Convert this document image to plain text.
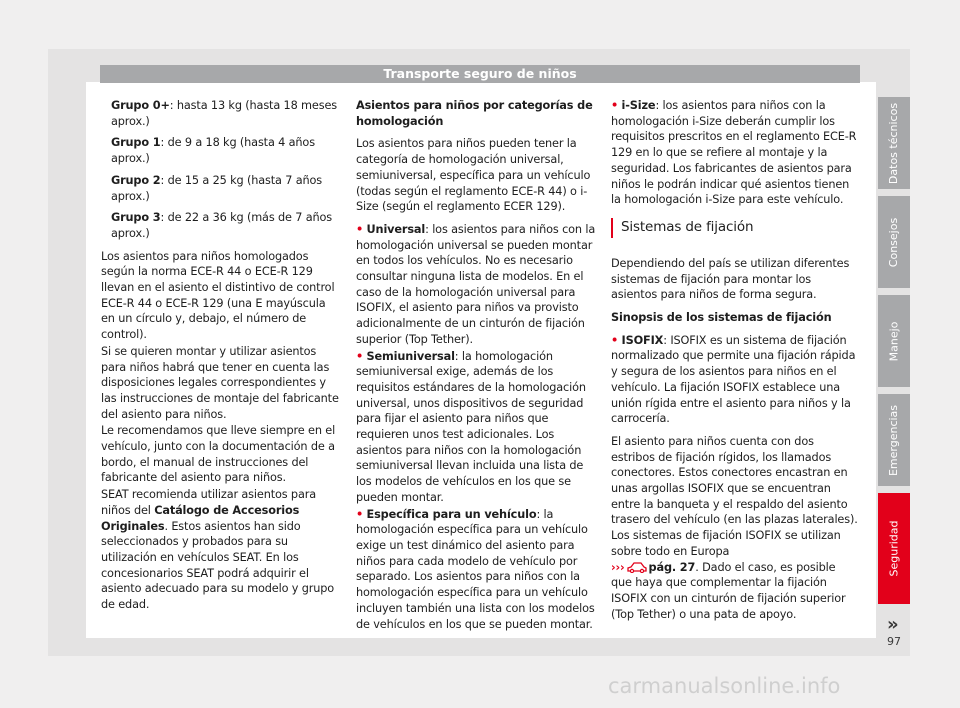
Transporte seguro de niños

Grupo 0+: hasta 13 kg (hasta 18 meses aprox.)

Grupo 1: de 9 a 18 kg (hasta 4 años aprox.)

Grupo 2: de 15 a 25 kg (hasta 7 años aprox.)

Grupo 3: de 22 a 36 kg (más de 7 años aprox.)

Los asientos para niños homologados según la norma ECE-R 44 o ECE-R 129 llevan en el asiento el distintivo de control ECE-R 44 o ECE-R 129 (una E mayúscula en un círculo y, debajo, el número de control).

Si se quieren montar y utilizar asientos para niños habrá que tener en cuenta las disposiciones legales correspondientes y las instrucciones de montaje del fabricante del asiento para niños.

Le recomendamos que lleve siempre en el vehículo, junto con la documentación de a bordo, el manual de instrucciones del fabricante del asiento para niños.

SEAT recomienda utilizar asientos para niños del Catálogo de Accesorios Originales. Estos asientos han sido seleccionados y probados para su utilización en vehículos SEAT. En los concesionarios SEAT podrá adquirir el asiento adecuado para su modelo y grupo de edad.

Asientos para niños por categorías de homologación

Los asientos para niños pueden tener la categoría de homologación universal, semiuniversal, específica para un vehículo (todas según el reglamento ECE-R 44) o i-Size (según el reglamento ECER 129).

• Universal: los asientos para niños con la homologación universal se pueden montar en todos los vehículos. No es necesario consultar ninguna lista de modelos. En el caso de la homologación universal para ISOFIX, el asiento para niños va provisto adicionalmente de un cinturón de fijación superior (Top Tether).

• Semiuniversal: la homologación semiuniversal exige, además de los requisitos estándares de la homologación universal, unos dispositivos de seguridad para fijar el asiento para niños que requieren unos test adicionales. Los asientos para niños con la homologación semiuniversal llevan incluida una lista de los modelos de vehículos en los que se pueden montar.

• Específica para un vehículo: la homologación específica para un vehículo exige un test dinámico del asiento para niños para cada modelo de vehículo por separado. Los asientos para niños con la homologación específica para un vehículo incluyen también una lista con los modelos de vehículos en los que se pueden montar.

• i-Size: los asientos para niños con la homologación i-Size deberán cumplir los requisitos prescritos en el reglamento ECE-R 129 en lo que se refiere al montaje y la seguridad. Los fabricantes de asientos para niños le podrán indicar qué asientos tienen la homologación i-Size para este vehículo.

Sistemas de fijación

Dependiendo del país se utilizan diferentes sistemas de fijación para montar los asientos para niños de forma segura.

Sinopsis de los sistemas de fijación

• ISOFIX: ISOFIX es un sistema de fijación normalizado que permite una fijación rápida y segura de los asientos para niños en el vehículo. La fijación ISOFIX establece una unión rígida entre el asiento para niños y la carrocería.

El asiento para niños cuenta con dos estribos de fijación rígidos, los llamados conectores. Estos conectores encastran en unas argollas ISOFIX que se encuentran entre la banqueta y el respaldo del asiento trasero del vehículo (en las plazas laterales). Los sistemas de fijación ISOFIX se utilizan sobre todo en Europa
››› pág. 27. Dado el caso, es posible que haya que complementar la fijación ISOFIX con un cinturón de fijación superior (Top Tether) o una pata de apoyo.

Datos técnicos
Consejos
Manejo
Emergencias
Seguridad
»
97
carmanualsonline.info
